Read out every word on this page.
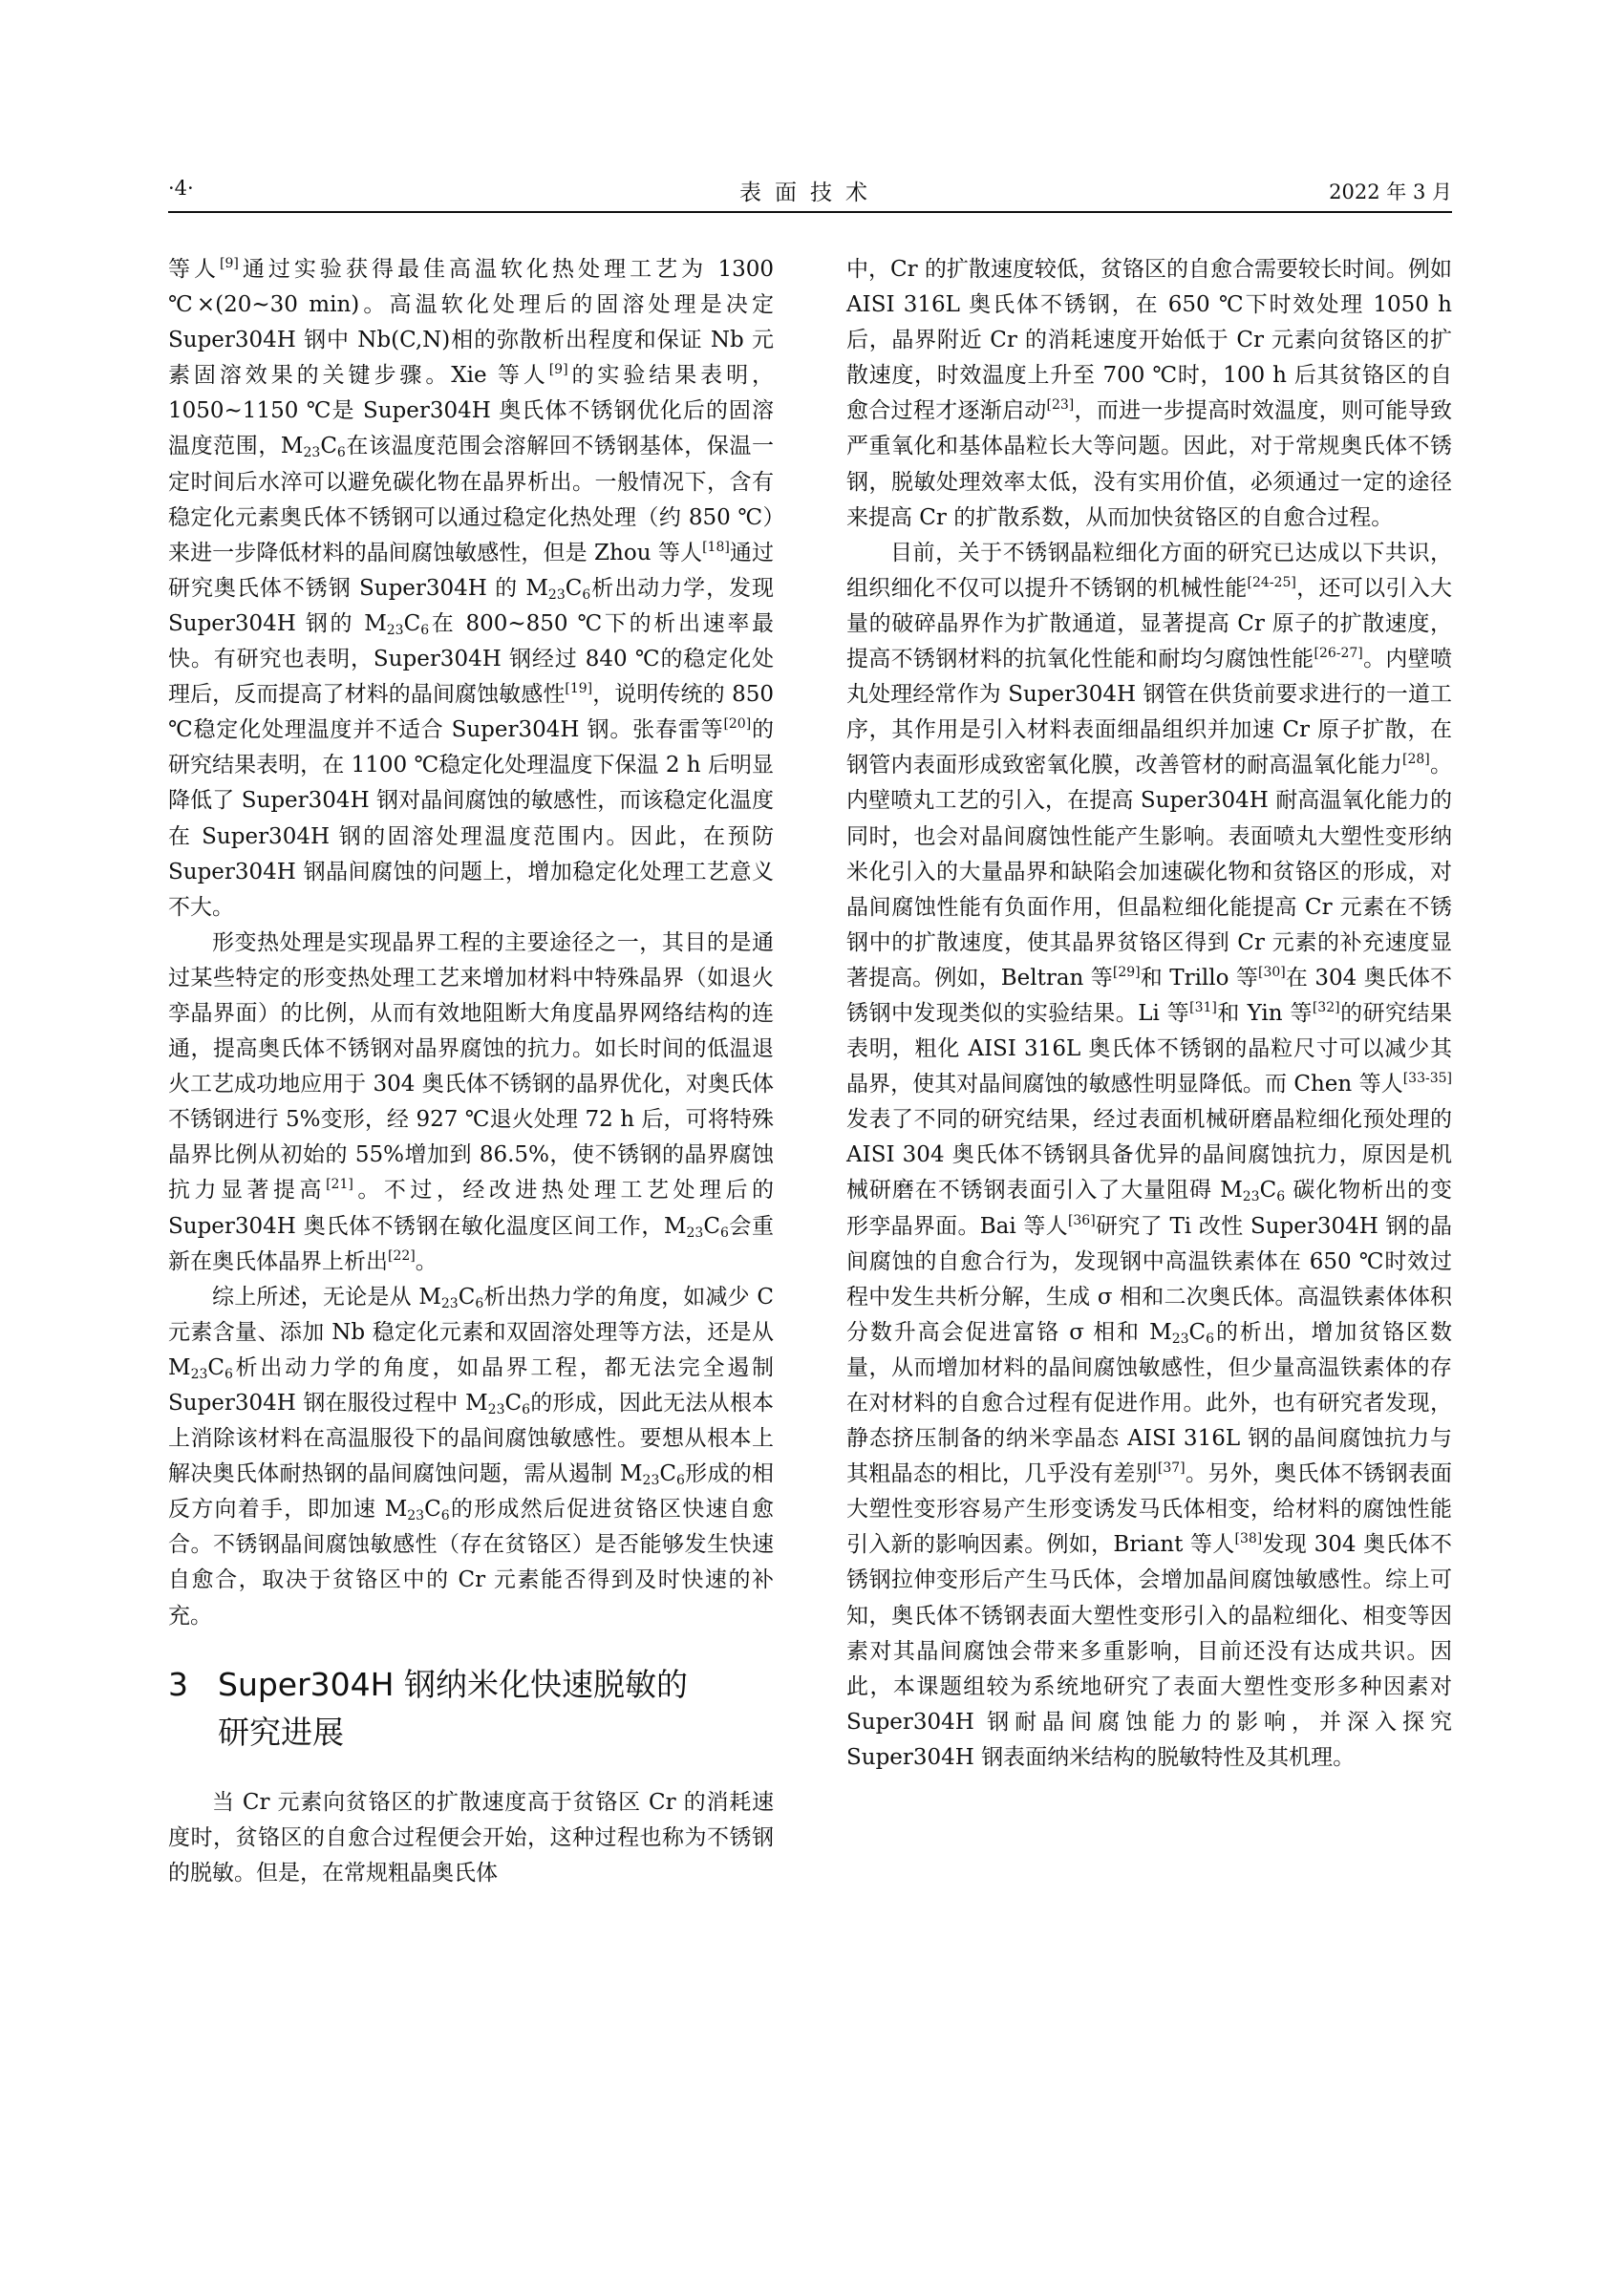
·4·	表面技术	2022 年 3 月

等人[9]通过实验获得最佳高温软化热处理工艺为 1300 ℃×(20~30 min)。高温软化处理后的固溶处理是决定 Super304H 钢中 Nb(C,N)相的弥散析出程度和保证 Nb 元素固溶效果的关键步骤。Xie 等人[9]的实验结果表明，1050~1150 ℃是 Super304H 奥氏体不锈钢优化后的固溶温度范围，$M_{23}C_6$在该温度范围会溶解回不锈钢基体，保温一定时间后水淬可以避免碳化物在晶界析出。一般情况下，含有稳定化元素奥氏体不锈钢可以通过稳定化热处理（约 850 ℃）来进一步降低材料的晶间腐蚀敏感性，但是 Zhou 等人[18]通过研究奥氏体不锈钢 Super304H 的 $M_{23}C_6$析出动力学，发现 Super304H 钢的 $M_{23}C_6$在 800~850 ℃下的析出速率最快。有研究也表明，Super304H 钢经过 840 ℃的稳定化处理后，反而提高了材料的晶间腐蚀敏感性[19]，说明传统的 850 ℃稳定化处理温度并不适合 Super304H 钢。张春雷等[20]的研究结果表明，在 1100 ℃稳定化处理温度下保温 2 h 后明显降低了 Super304H 钢对晶间腐蚀的敏感性，而该稳定化温度在 Super304H 钢的固溶处理温度范围内。因此，在预防 Super304H 钢晶间腐蚀的问题上，增加稳定化处理工艺意义不大。

形变热处理是实现晶界工程的主要途径之一，其目的是通过某些特定的形变热处理工艺来增加材料中特殊晶界（如退火孪晶界面）的比例，从而有效地阻断大角度晶界网络结构的连通，提高奥氏体不锈钢对晶界腐蚀的抗力。如长时间的低温退火工艺成功地应用于 304 奥氏体不锈钢的晶界优化，对奥氏体不锈钢进行 5%变形，经 927 ℃退火处理 72 h 后，可将特殊晶界比例从初始的 55%增加到 86.5%，使不锈钢的晶界腐蚀抗力显著提高[21]。不过，经改进热处理工艺处理后的 Super304H 奥氏体不锈钢在敏化温度区间工作，$M_{23}C_6$会重新在奥氏体晶界上析出[22]。

综上所述，无论是从 $M_{23}C_6$析出热力学的角度，如减少 C 元素含量、添加 Nb 稳定化元素和双固溶处理等方法，还是从 $M_{23}C_6$析出动力学的角度，如晶界工程，都无法完全遏制 Super304H 钢在服役过程中 $M_{23}C_6$的形成，因此无法从根本上消除该材料在高温服役下的晶间腐蚀敏感性。要想从根本上解决奥氏体耐热钢的晶间腐蚀问题，需从遏制 $M_{23}C_6$形成的相反方向着手，即加速 $M_{23}C_6$的形成然后促进贫铬区快速自愈合。不锈钢晶间腐蚀敏感性（存在贫铬区）是否能够发生快速自愈合，取决于贫铬区中的 Cr 元素能否得到及时快速的补充。

3 Super304H 钢纳米化快速脱敏的
研究进展

当 Cr 元素向贫铬区的扩散速度高于贫铬区 Cr 的消耗速度时，贫铬区的自愈合过程便会开始，这种过程也称为不锈钢的脱敏。但是，在常规粗晶奥氏体

中，Cr 的扩散速度较低，贫铬区的自愈合需要较长时间。例如 AISI 316L 奥氏体不锈钢，在 650 ℃下时效处理 1050 h 后，晶界附近 Cr 的消耗速度开始低于 Cr 元素向贫铬区的扩散速度，时效温度上升至 700 ℃时，100 h 后其贫铬区的自愈合过程才逐渐启动[23]，而进一步提高时效温度，则可能导致严重氧化和基体晶粒长大等问题。因此，对于常规奥氏体不锈钢，脱敏处理效率太低，没有实用价值，必须通过一定的途径来提高 Cr 的扩散系数，从而加快贫铬区的自愈合过程。

目前，关于不锈钢晶粒细化方面的研究已达成以下共识，组织细化不仅可以提升不锈钢的机械性能[24-25]，还可以引入大量的破碎晶界作为扩散通道，显著提高 Cr 原子的扩散速度，提高不锈钢材料的抗氧化性能和耐均匀腐蚀性能[26-27]。内壁喷丸处理经常作为 Super304H 钢管在供货前要求进行的一道工序，其作用是引入材料表面细晶组织并加速 Cr 原子扩散，在钢管内表面形成致密氧化膜，改善管材的耐高温氧化能力[28]。内壁喷丸工艺的引入，在提高 Super304H 耐高温氧化能力的同时，也会对晶间腐蚀性能产生影响。表面喷丸大塑性变形纳米化引入的大量晶界和缺陷会加速碳化物和贫铬区的形成，对晶间腐蚀性能有负面作用，但晶粒细化能提高 Cr 元素在不锈钢中的扩散速度，使其晶界贫铬区得到 Cr 元素的补充速度显著提高。例如，Beltran 等[29]和 Trillo 等[30]在 304 奥氏体不锈钢中发现类似的实验结果。Li 等[31]和 Yin 等[32]的研究结果表明，粗化 AISI 316L 奥氏体不锈钢的晶粒尺寸可以减少其晶界，使其对晶间腐蚀的敏感性明显降低。而 Chen 等人[33-35]发表了不同的研究结果，经过表面机械研磨晶粒细化预处理的 AISI 304 奥氏体不锈钢具备优异的晶间腐蚀抗力，原因是机械研磨在不锈钢表面引入了大量阻碍 $M_{23}C_6$ 碳化物析出的变形孪晶界面。Bai 等人[36]研究了 Ti 改性 Super304H 钢的晶间腐蚀的自愈合行为，发现钢中高温铁素体在 650 ℃时效过程中发生共析分解，生成 σ 相和二次奥氏体。高温铁素体体积分数升高会促进富铬 σ 相和 $M_{23}C_6$的析出，增加贫铬区数量，从而增加材料的晶间腐蚀敏感性，但少量高温铁素体的存在对材料的自愈合过程有促进作用。此外，也有研究者发现，静态挤压制备的纳米孪晶态 AISI 316L 钢的晶间腐蚀抗力与其粗晶态的相比，几乎没有差别[37]。另外，奥氏体不锈钢表面大塑性变形容易产生形变诱发马氏体相变，给材料的腐蚀性能引入新的影响因素。例如，Briant 等人[38]发现 304 奥氏体不锈钢拉伸变形后产生马氏体，会增加晶间腐蚀敏感性。综上可知，奥氏体不锈钢表面大塑性变形引入的晶粒细化、相变等因素对其晶间腐蚀会带来多重影响，目前还没有达成共识。因此，本课题组较为系统地研究了表面大塑性变形多种因素对 Super304H 钢耐晶间腐蚀能力的影响，并深入探究 Super304H 钢表面纳米结构的脱敏特性及其机理。
